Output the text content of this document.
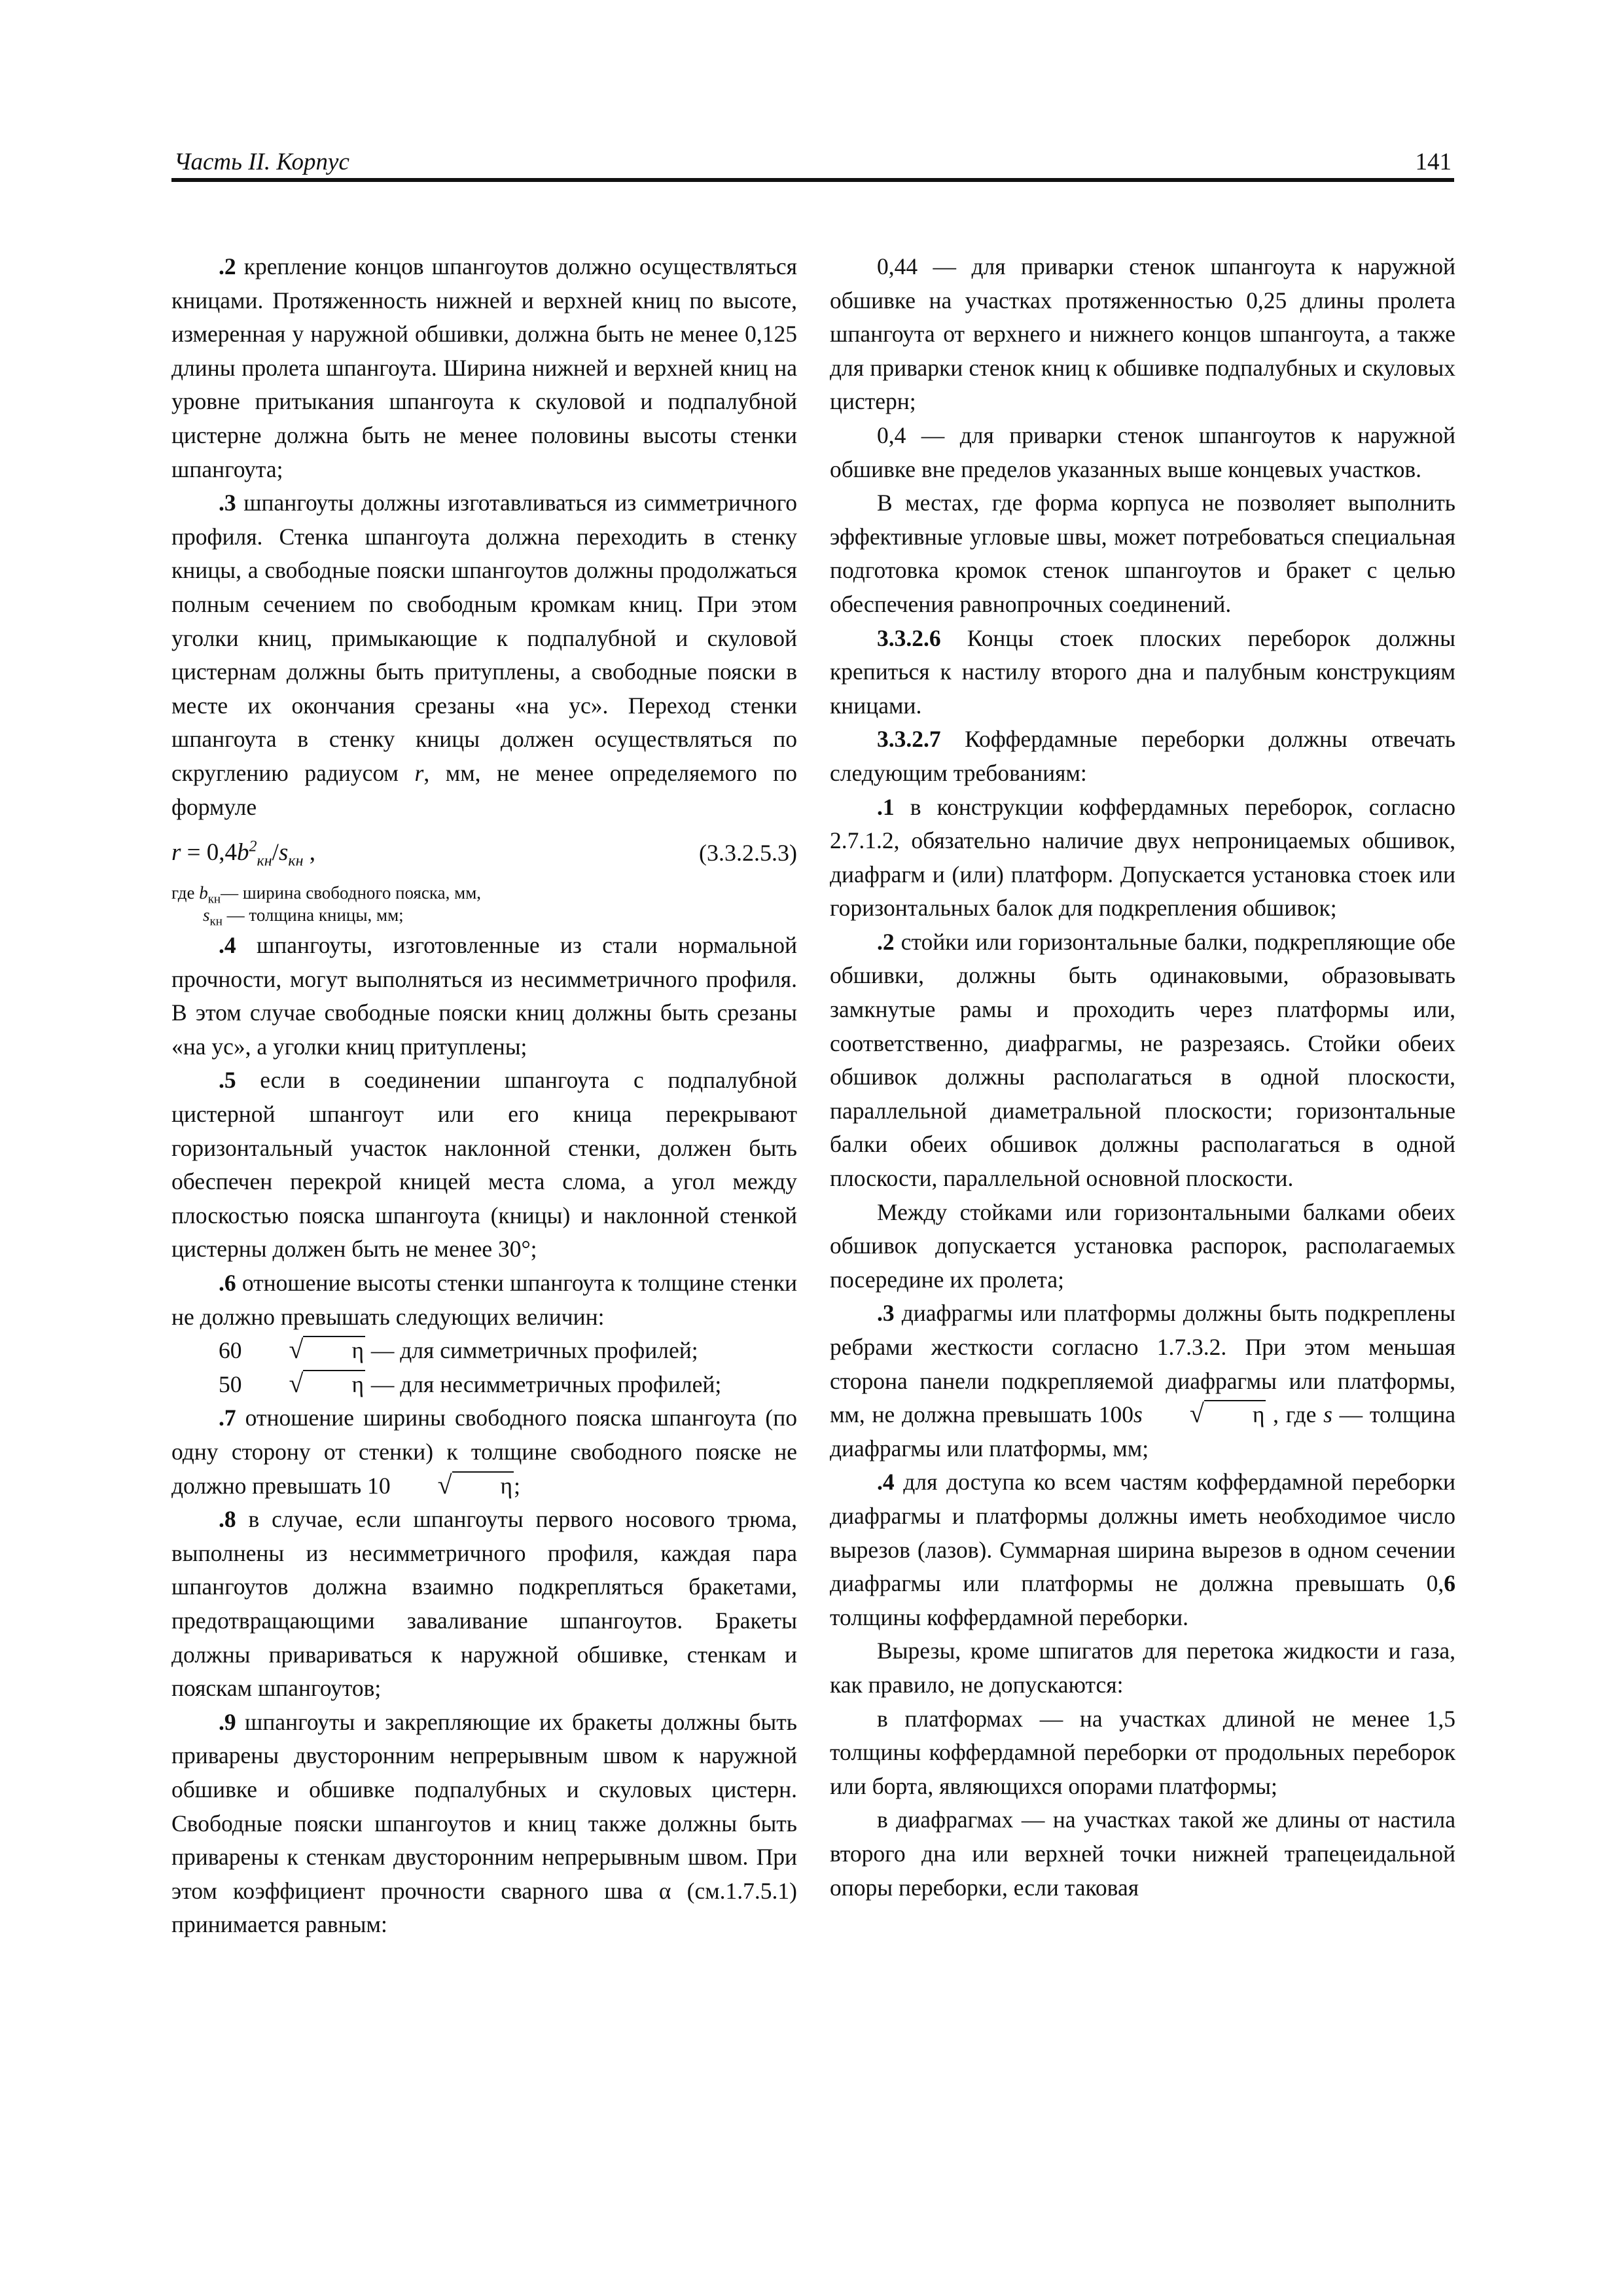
Часть II. Корпус	141

.2 крепление концов шпангоутов должно осуществляться кницами. Протяженность нижней и верхней книц по высоте, измеренная у наружной обшивки, должна быть не менее 0,125 длины пролета шпангоута. Ширина нижней и верхней книц на уровне притыкания шпангоута к скуловой и подпалубной цистерне должна быть не менее половины высоты стенки шпангоута;

.3 шпангоуты должны изготавливаться из симметричного профиля. Стенка шпангоута должна переходить в стенку кницы, а свободные пояски шпангоутов должны продолжаться полным сечением по свободным кромкам книц. При этом уголки книц, примыкающие к подпалубной и скуловой цистернам должны быть притуплены, а свободные пояски в месте их окончания срезаны «на ус». Переход стенки шпангоута в стенку кницы должен осуществляться по скруглению радиусом r, мм, не менее определяемого по формуле

$r = 0,4b^2_{кн}/s_{кн}$ ,	(3.3.2.5.3)
где $b_{кн}—$ ширина свободного пояска, мм,
$s_{кн}$ — толщина кницы, мм;

.4 шпангоуты, изготовленные из стали нормальной прочности, могут выполняться из несимметричного профиля. В этом случае свободные пояски книц должны быть срезаны «на ус», а уголки книц притуплены;

.5 если в соединении шпангоута с подпалубной цистерной шпангоут или его кница перекрывают горизонтальный участок наклонной стенки, должен быть обеспечен перекрой кницей места слома, а угол между плоскостью пояска шпангоута (кницы) и наклонной стенкой цистерны должен быть не менее 30°;

.6 отношение высоты стенки шпангоута к толщине стенки не должно превышать следующих величин:

60 √ η — для симметричных профилей;

50 √ η — для несимметричных профилей;

.7 отношение ширины свободного пояска шпангоута (по одну сторону от стенки) к толщине свободного пояске не должно превышать 10 √ η;

.8 в случае, если шпангоуты первого носового трюма, выполнены из несимметричного профиля, каждая пара шпангоутов должна взаимно подкрепляться бракетами, предотвращающими заваливание шпангоутов. Бракеты должны привариваться к наружной обшивке, стенкам и пояскам шпангоутов;

.9 шпангоуты и закрепляющие их бракеты должны быть приварены двусторонним непрерывным швом к наружной обшивке и обшивке подпалубных и скуловых цистерн. Свободные пояски шпангоутов и книц также должны быть приварены к стенкам двусторонним непрерывным швом. При этом коэффициент прочности сварного шва α (см.1.7.5.1) принимается равным:

0,44 — для приварки стенок шпангоута к наружной обшивке на участках протяженностью 0,25 длины пролета шпангоута от верхнего и нижнего концов шпангоута, а также для приварки стенок книц к обшивке подпалубных и скуловых цистерн;

0,4 — для приварки стенок шпангоутов к наружной обшивке вне пределов указанных выше концевых участков.

В местах, где форма корпуса не позволяет выполнить эффективные угловые швы, может потребоваться специальная подготовка кромок стенок шпангоутов и бракет с целью обеспечения равнопрочных соединений.

3.3.2.6 Концы стоек плоских переборок должны крепиться к настилу второго дна и палубным конструкциям кницами.

3.3.2.7 Коффердамные переборки должны отвечать следующим требованиям:

.1 в конструкции коффердамных переборок, согласно 2.7.1.2, обязательно наличие двух непроницаемых обшивок, диафрагм и (или) платформ. Допускается установка стоек или горизонтальных балок для подкрепления обшивок;

.2 стойки или горизонтальные балки, подкрепляющие обе обшивки, должны быть одинаковыми, образовывать замкнутые рамы и проходить через платформы или, соответственно, диафрагмы, не разрезаясь. Стойки обеих обшивок должны располагаться в одной плоскости, параллельной диаметральной плоскости; горизонтальные балки обеих обшивок должны располагаться в одной плоскости, параллельной основной плоскости.

Между стойками или горизонтальными балками обеих обшивок допускается установка распорок, располагаемых посередине их пролета;

.3 диафрагмы или платформы должны быть подкреплены ребрами жесткости согласно 1.7.3.2. При этом меньшая сторона панели подкрепляемой диафрагмы или платформы, мм, не должна превышать 100s √ η , где s — толщина диафрагмы или платформы, мм;

.4 для доступа ко всем частям коффердамной переборки диафрагмы и платформы должны иметь необходимое число вырезов (лазов). Суммарная ширина вырезов в одном сечении диафрагмы или платформы не должна превышать 0,6 толщины коффердамной переборки.

Вырезы, кроме шпигатов для перетока жидкости и газа, как правило, не допускаются:

в платформах — на участках длиной не менее 1,5 толщины коффердамной переборки от продольных переборок или борта, являющихся опорами платформы;

в диафрагмах — на участках такой же длины от настила второго дна или верхней точки нижней трапецеидальной опоры переборки, если таковая
